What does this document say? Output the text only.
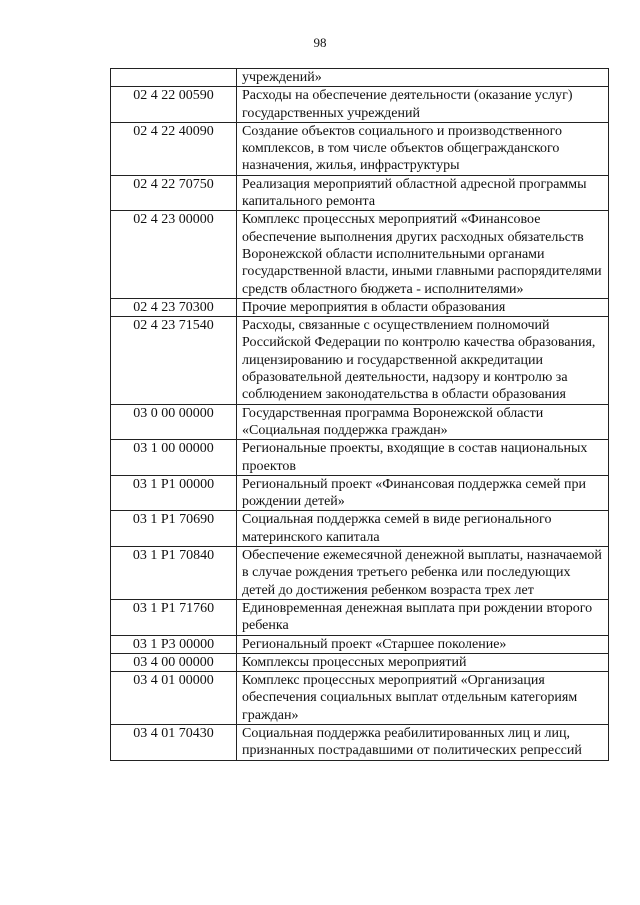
98
	учреждений»
02 4 22 00590	Расходы на обеспечение деятельности (оказание услуг) государственных учреждений
02 4 22 40090	Создание объектов социального и производственного комплексов, в том числе объектов общегражданского назначения, жилья, инфраструктуры
02 4 22 70750	Реализация мероприятий областной адресной программы капитального ремонта
02 4 23 00000	Комплекс процессных мероприятий «Финансовое обеспечение выполнения других расходных обязательств Воронежской области исполнительными органами государственной власти, иными главными распорядителями средств областного бюджета - исполнителями»
02 4 23 70300	Прочие мероприятия в области образования
02 4 23 71540	Расходы, связанные с осуществлением полномочий Российской Федерации по контролю качества образования, лицензированию и государственной аккредитации образовательной деятельности, надзору и контролю за соблюдением законодательства в области образования
03 0 00 00000	Государственная программа Воронежской области «Социальная поддержка граждан»
03 1 00 00000	Региональные проекты, входящие в состав национальных проектов
03 1 P1 00000	Региональный проект «Финансовая поддержка семей при рождении детей»
03 1 P1 70690	Социальная поддержка семей в виде регионального материнского капитала
03 1 P1 70840	Обеспечение ежемесячной денежной выплаты, назначаемой в случае рождения третьего ребенка или последующих детей до достижения ребенком возраста трех лет
03 1 P1 71760	Единовременная денежная выплата при рождении второго ребенка
03 1 P3 00000	Региональный проект «Старшее поколение»
03 4 00 00000	Комплексы процессных мероприятий
03 4 01 00000	Комплекс процессных мероприятий «Организация обеспечения социальных выплат отдельным категориям граждан»
03 4 01 70430	Социальная поддержка реабилитированных лиц и лиц, признанных пострадавшими от политических репрессий
